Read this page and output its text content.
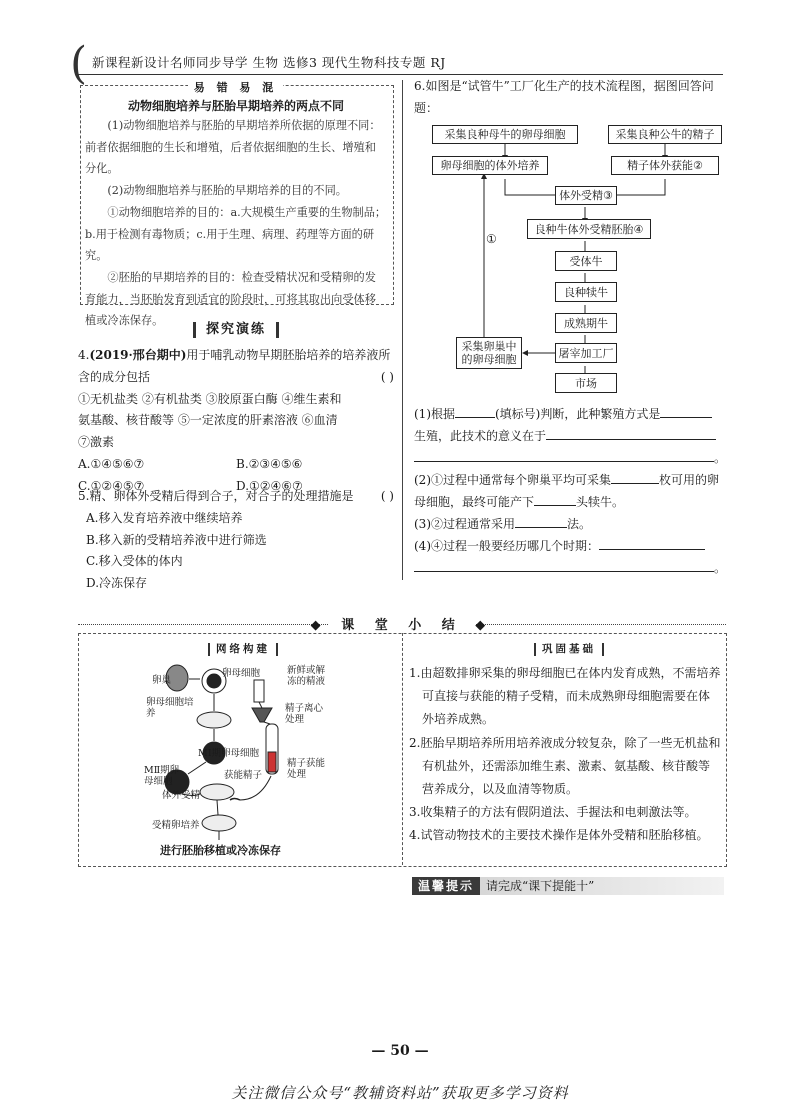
( 新课程新设计名师同步导学 生物 选修3 现代生物科技专题 RJ
易 错 易 混
动物细胞培养与胚胎早期培养的两点不同

(1)动物细胞培养与胚胎的早期培养所依据的原理不同：前者依据细胞的生长和增殖，后者依据细胞的生长、增殖和分化。

(2)动物细胞培养与胚胎的早期培养的目的不同。

①动物细胞培养的目的：a.大规模生产重要的生物制品；b.用于检测有毒物质；c.用于生理、病理、药理等方面的研究。

②胚胎的早期培养的目的：检查受精状况和受精卵的发育能力，当胚胎发育到适宜的阶段时，可将其取出向受体移植或冷冻保存。

探究演练
4.(2019·邢台期中)用于哺乳动物早期胚胎培养的培养液所含的成分包括	( )
①无机盐类 ②有机盐类 ③胶原蛋白酶 ④维生素和
氨基酸、核苷酸等 ⑤一定浓度的肝素溶液 ⑥血清
⑦激素
A.①④⑤⑥⑦	B.②③④⑤⑥
C.①②④⑤⑦	D.①②④⑥⑦
5.精、卵体外受精后得到合子，对合子的处理措施是 ( )
A.移入发育培养液中继续培养
B.移入新的受精培养液中进行筛选
C.移入受体的体内
D.冷冻保存
6.如图是“试管牛”工厂化生产的技术流程图，据图回答问题：
采集良种母牛的卵母细胞	采集良种公牛的精子
卵母细胞的体外培养	精子体外获能②
体外受精③
良种牛体外受精胚胎④
受体牛
良种犊牛
成熟期牛
屠宰加工厂
市场
采集卵巢中的卵母细胞
①
(1)根据	(填标号)判断，此种繁殖方式是
生殖，此技术的意义在于
。
(2)①过程中通常每个卵巢平均可采集	枚可用的卵母细胞，最终可能产下	头犊牛。
(3)②过程通常采用	法。
(4)④过程一般要经历哪几个时期：
。
◆ 课 堂 小 结 ◆
网络构建	巩固基础
卵巢
卵母细胞
卵母细胞培养
MⅠ期卵母细胞
MⅡ期卵母细胞
新鲜或解冻的精液
精子离心处理
精子获能处理
获能精子
体外受精
受精卵培养
进行胚胎移植或冷冻保存

1.由超数排卵采集的卵母细胞已在体内发育成熟，不需培养可直接与获能的精子受精，而未成熟卵母细胞需要在体外培养成熟。

2.胚胎早期培养所用培养液成分较复杂，除了一些无机盐和有机盐外，还需添加维生素、激素、氨基酸、核苷酸等营养成分，以及血清等物质。

3.收集精子的方法有假阴道法、手握法和电刺激法等。

4.试管动物技术的主要技术操作是体外受精和胚胎移植。

温馨提示 请完成“课下提能十”
— 50 —
关注微信公众号“教辅资料站”获取更多学习资料
